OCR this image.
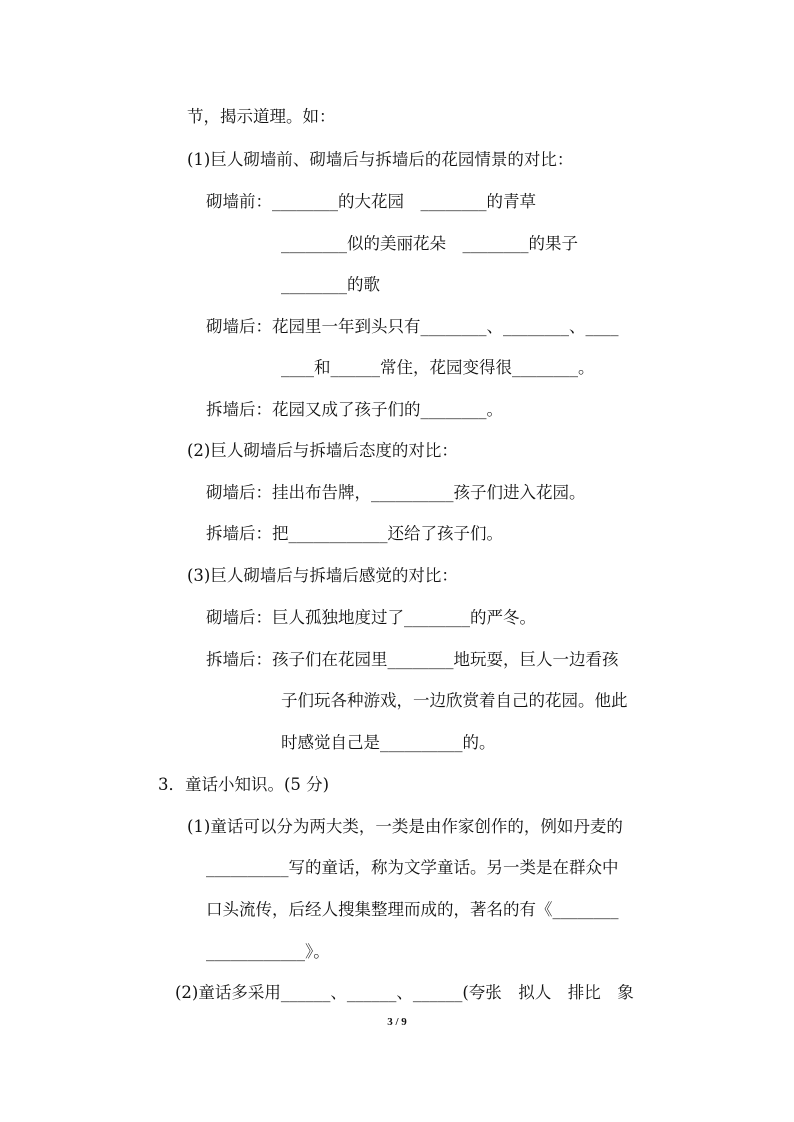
节，揭示道理。如：
(1)巨人砌墙前、砌墙后与拆墙后的花园情景的对比：
砌墙前：________的大花园　________的青草
________似的美丽花朵　________的果子
________的歌
砌墙后：花园里一年到头只有________、________、____
____和______常住，花园变得很________。
拆墙后：花园又成了孩子们的________。
(2)巨人砌墙后与拆墙后态度的对比：
砌墙后：挂出布告牌，__________孩子们进入花园。
拆墙后：把____________还给了孩子们。
(3)巨人砌墙后与拆墙后感觉的对比：
砌墙后：巨人孤独地度过了________的严冬。
拆墙后：孩子们在花园里________地玩耍，巨人一边看孩
子们玩各种游戏，一边欣赏着自己的花园。他此
时感觉自己是__________的。
3．童话小知识。(5 分)
(1)童话可以分为两大类，一类是由作家创作的，例如丹麦的
__________写的童话，称为文学童话。另一类是在群众中
口头流传，后经人搜集整理而成的，著名的有《________
____________》。
(2)童话多采用______、______、______(夸张　拟人　排比　象
3 / 9
